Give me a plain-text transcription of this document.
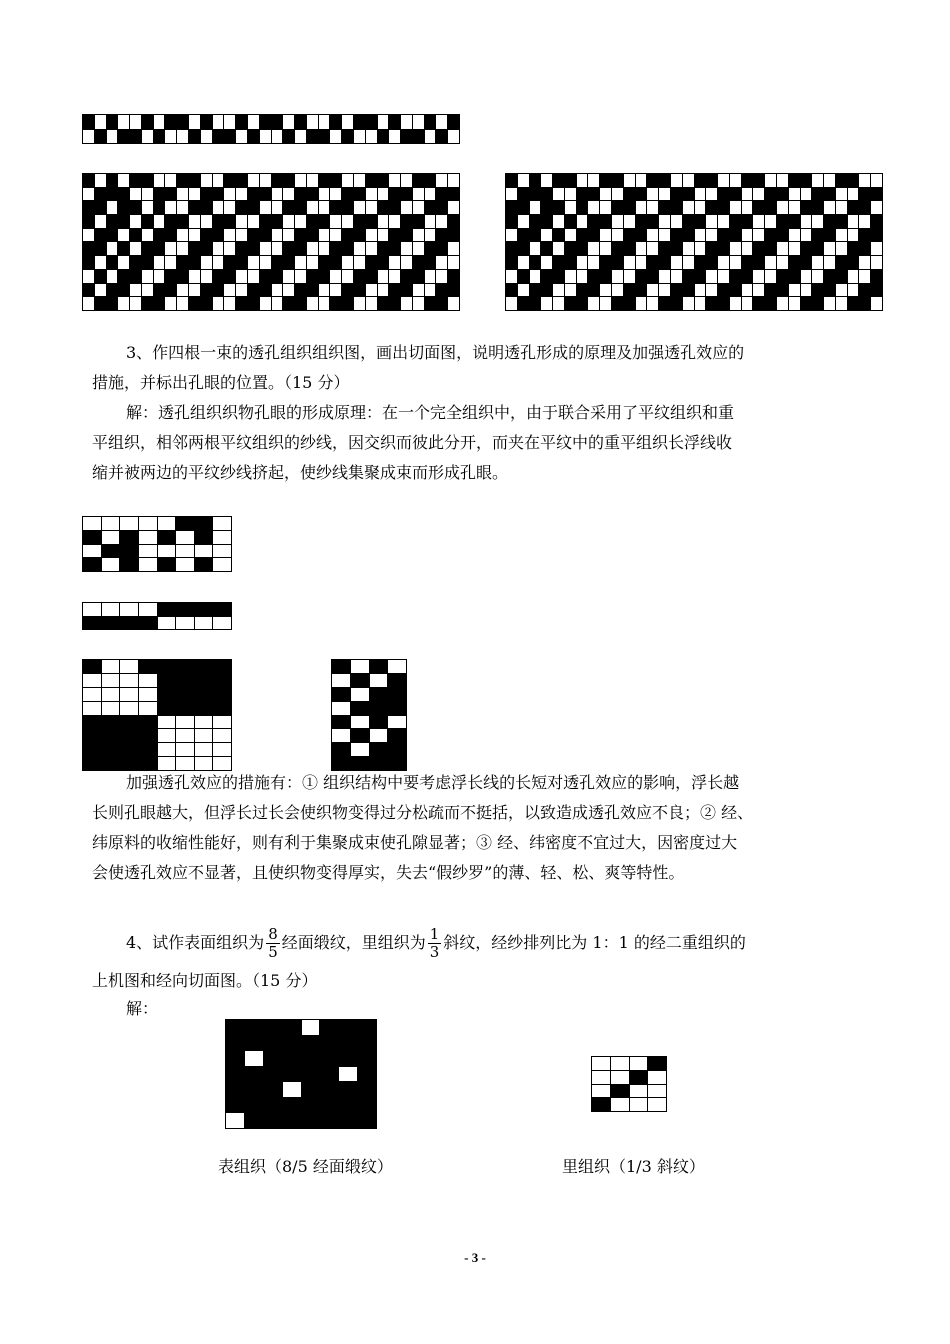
3、作四根一束的透孔组织组织图，画出切面图，说明透孔形成的原理及加强透孔效应的
措施，并标出孔眼的位置。（15 分）
解：透孔组织织物孔眼的形成原理：在一个完全组织中，由于联合采用了平纹组织和重
平组织，相邻两根平纹组织的纱线，因交织而彼此分开，而夹在平纹中的重平组织长浮线收
缩并被两边的平纹纱线挤起，使纱线集聚成束而形成孔眼。
加强透孔效应的措施有：① 组织结构中要考虑浮长线的长短对透孔效应的影响，浮长越
长则孔眼越大，但浮长过长会使织物变得过分松疏而不挺括，以致造成透孔效应不良；② 经、
纬原料的收缩性能好，则有利于集聚成束使孔隙显著；③ 经、纬密度不宜过大，因密度过大
会使透孔效应不显著，且使织物变得厚实，失去“假纱罗”的薄、轻、松、爽等特性。
4、试作表面组织为 $\frac{8}{5}$ 经面缎纹，里组织为 $\frac{1}{3}$ 斜纹，经纱排列比为 1：1 的经二重组织的
上机图和经向切面图。（15 分）
解：
表组织（8/5 经面缎纹）	里组织（1/3 斜纹）
- 3 -
